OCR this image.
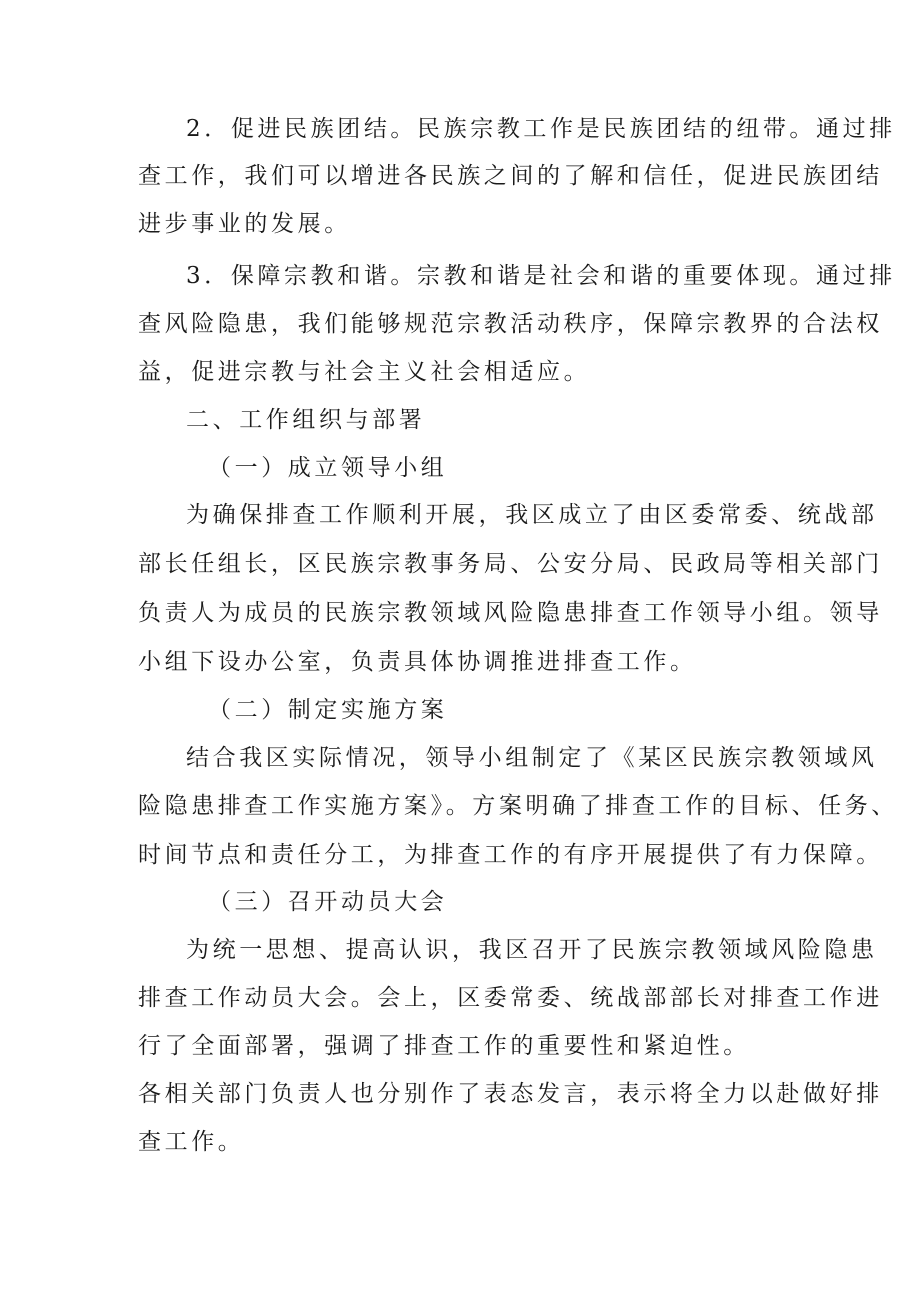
2．促进民族团结。民族宗教工作是民族团结的纽带。通过排
查工作，我们可以增进各民族之间的了解和信任，促进民族团结
进步事业的发展。
3．保障宗教和谐。宗教和谐是社会和谐的重要体现。通过排
查风险隐患，我们能够规范宗教活动秩序，保障宗教界的合法权
益，促进宗教与社会主义社会相适应。
二、工作组织与部署
（一）成立领导小组
为确保排查工作顺利开展，我区成立了由区委常委、统战部
部长任组长，区民族宗教事务局、公安分局、民政局等相关部门
负责人为成员的民族宗教领域风险隐患排查工作领导小组。领导
小组下设办公室，负责具体协调推进排查工作。
（二）制定实施方案
结合我区实际情况，领导小组制定了《某区民族宗教领域风
险隐患排查工作实施方案》。方案明确了排查工作的目标、任务、
时间节点和责任分工，为排查工作的有序开展提供了有力保障。
（三）召开动员大会
为统一思想、提高认识，我区召开了民族宗教领域风险隐患
排查工作动员大会。会上，区委常委、统战部部长对排查工作进
行了全面部署，强调了排查工作的重要性和紧迫性。
各相关部门负责人也分别作了表态发言，表示将全力以赴做好排
查工作。
